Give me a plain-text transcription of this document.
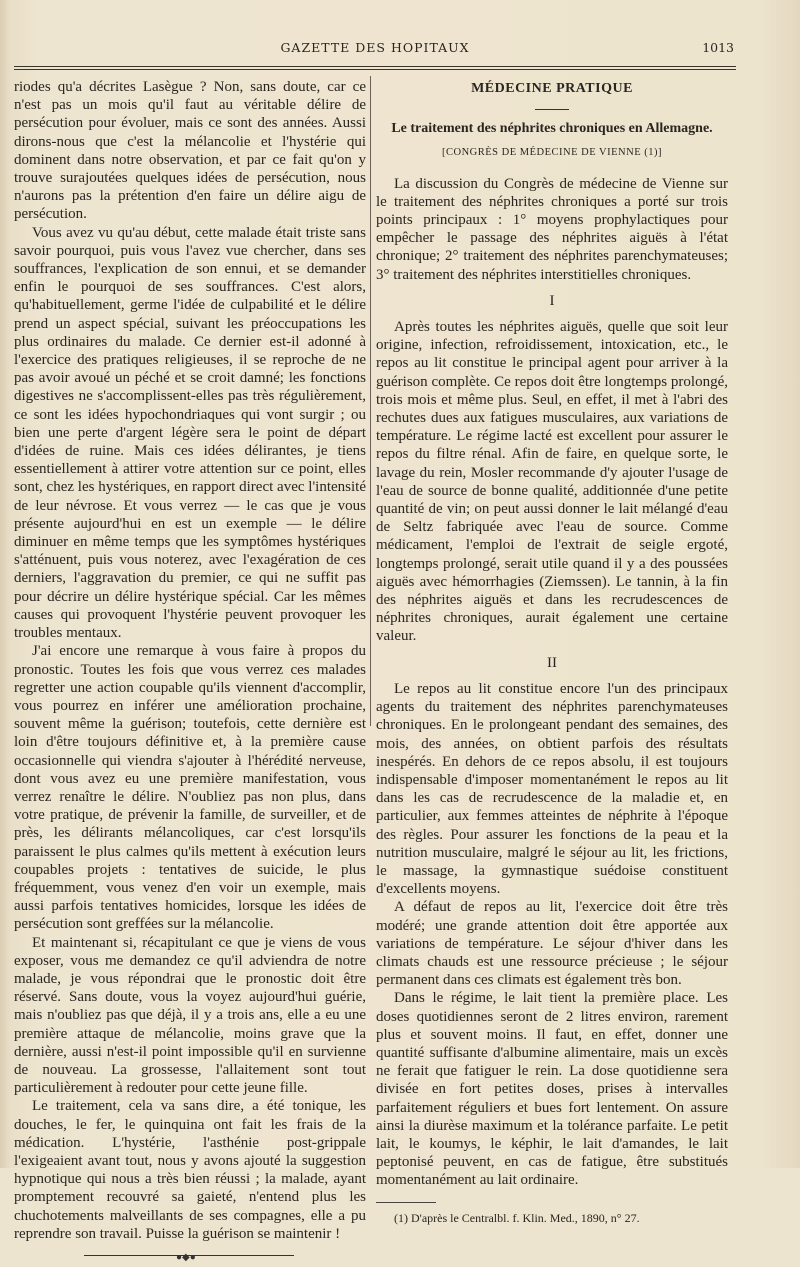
GAZETTE DES HOPITAUX	1013

riodes qu'a décrites Lasègue ? Non, sans doute, car ce n'est pas un mois qu'il faut au véritable délire de persécution pour évoluer, mais ce sont des années. Aussi dirons-nous que c'est la mélancolie et l'hystérie qui dominent dans notre observation, et par ce fait qu'on y trouve surajoutées quelques idées de persécution, nous n'aurons pas la prétention d'en faire un délire aigu de persécution.

Vous avez vu qu'au début, cette malade était triste sans savoir pourquoi, puis vous l'avez vue chercher, dans ses souffrances, l'explication de son ennui, et se demander enfin le pourquoi de ses souffrances. C'est alors, qu'habituellement, germe l'idée de culpabilité et le délire prend un aspect spécial, suivant les préoccupations les plus ordinaires du malade. Ce dernier est-il adonné à l'exercice des pratiques religieuses, il se reproche de ne pas avoir avoué un péché et se croit damné; les fonctions digestives ne s'accomplissent-elles pas très régulièrement, ce sont les idées hypochondriaques qui vont surgir ; ou bien une perte d'argent légère sera le point de départ d'idées de ruine. Mais ces idées délirantes, je tiens essentiellement à attirer votre attention sur ce point, elles sont, chez les hystériques, en rapport direct avec l'intensité de leur névrose. Et vous verrez — le cas que je vous présente aujourd'hui en est un exemple — le délire diminuer en même temps que les symptômes hystériques s'atténuent, puis vous noterez, avec l'exagération de ces derniers, l'aggravation du premier, ce qui ne suffit pas pour décrire un délire hystérique spécial. Car les mêmes causes qui provoquent l'hystérie peuvent provoquer les troubles mentaux.

J'ai encore une remarque à vous faire à propos du pronostic. Toutes les fois que vous verrez ces malades regretter une action coupable qu'ils viennent d'accomplir, vous pourrez en inférer une amélioration prochaine, souvent même la guérison; toutefois, cette dernière est loin d'être toujours définitive et, à la première cause occasionnelle qui viendra s'ajouter à l'hérédité nerveuse, dont vous avez eu une première manifestation, vous verrez renaître le délire. N'oubliez pas non plus, dans votre pratique, de prévenir la famille, de surveiller, et de près, les délirants mélancoliques, car c'est lorsqu'ils paraissent le plus calmes qu'ils mettent à exécution leurs coupables projets : tentatives de suicide, le plus fréquemment, vous venez d'en voir un exemple, mais aussi parfois tentatives homicides, lorsque les idées de persécution sont greffées sur la mélancolie.

Et maintenant si, récapitulant ce que je viens de vous exposer, vous me demandez ce qu'il adviendra de notre malade, je vous répondrai que le pronostic doit être réservé. Sans doute, vous la voyez aujourd'hui guérie, mais n'oubliez pas que déjà, il y a trois ans, elle a eu une première attaque de mélancolie, moins grave que la dernière, aussi n'est-il point impossible qu'il en survienne de nouveau. La grossesse, l'allaitement sont tout particulièrement à redouter pour cette jeune fille.

Le traitement, cela va sans dire, a été tonique, les douches, le fer, le quinquina ont fait les frais de la médication. L'hystérie, l'asthénie post-grippale l'exigeaient avant tout, nous y avons ajouté la suggestion hypnotique qui nous a très bien réussi ; la malade, ayant promptement recouvré sa gaieté, n'entend plus les chuchotements malveillants de ses compagnes, elle a pu reprendre son travail. Puisse la guérison se maintenir !

●◆●
MÉDECINE PRATIQUE
Le traitement des néphrites chroniques en Allemagne.
[CONGRÈS DE MÉDECINE DE VIENNE (1)]

La discussion du Congrès de médecine de Vienne sur le traitement des néphrites chroniques a porté sur trois points principaux : 1° moyens prophylactiques pour empêcher le passage des néphrites aiguës à l'état chronique; 2° traitement des néphrites parenchymateuses; 3° traitement des néphrites interstitielles chroniques.

I

Après toutes les néphrites aiguës, quelle que soit leur origine, infection, refroidissement, intoxication, etc., le repos au lit constitue le principal agent pour arriver à la guérison complète. Ce repos doit être longtemps prolongé, trois mois et même plus. Seul, en effet, il met à l'abri des rechutes dues aux fatigues musculaires, aux variations de température. Le régime lacté est excellent pour assurer le repos du filtre rénal. Afin de faire, en quelque sorte, le lavage du rein, Mosler recommande d'y ajouter l'usage de l'eau de source de bonne qualité, additionnée d'une petite quantité de vin; on peut aussi donner le lait mélangé d'eau de Seltz fabriquée avec l'eau de source. Comme médicament, l'emploi de l'extrait de seigle ergoté, longtemps prolongé, serait utile quand il y a des poussées aiguës avec hémorrhagies (Ziemssen). Le tannin, à la fin des néphrites aiguës et dans les recrudescences de néphrites chroniques, aurait également une certaine valeur.

II

Le repos au lit constitue encore l'un des principaux agents du traitement des néphrites parenchymateuses chroniques. En le prolongeant pendant des semaines, des mois, des années, on obtient parfois des résultats inespérés. En dehors de ce repos absolu, il est toujours indispensable d'imposer momentanément le repos au lit dans les cas de recrudescence de la maladie et, en particulier, aux femmes atteintes de néphrite à l'époque des règles. Pour assurer les fonctions de la peau et la nutrition musculaire, malgré le séjour au lit, les frictions, le massage, la gymnastique suédoise constituent d'excellents moyens.

A défaut de repos au lit, l'exercice doit être très modéré; une grande attention doit être apportée aux variations de température. Le séjour d'hiver dans les climats chauds est une ressource précieuse ; le séjour permanent dans ces climats est également très bon.

Dans le régime, le lait tient la première place. Les doses quotidiennes seront de 2 litres environ, rarement plus et souvent moins. Il faut, en effet, donner une quantité suffisante d'albumine alimentaire, mais un excès ne ferait que fatiguer le rein. La dose quotidienne sera divisée en fort petites doses, prises à intervalles parfaitement réguliers et bues fort lentement. On assure ainsi la diurèse maximum et la tolérance parfaite. Le petit lait, le koumys, le képhir, le lait d'amandes, le lait peptonisé peuvent, en cas de fatigue, être substitués momentanément au lait ordinaire.

(1) D'après le Centralbl. f. Klin. Med., 1890, n° 27.
